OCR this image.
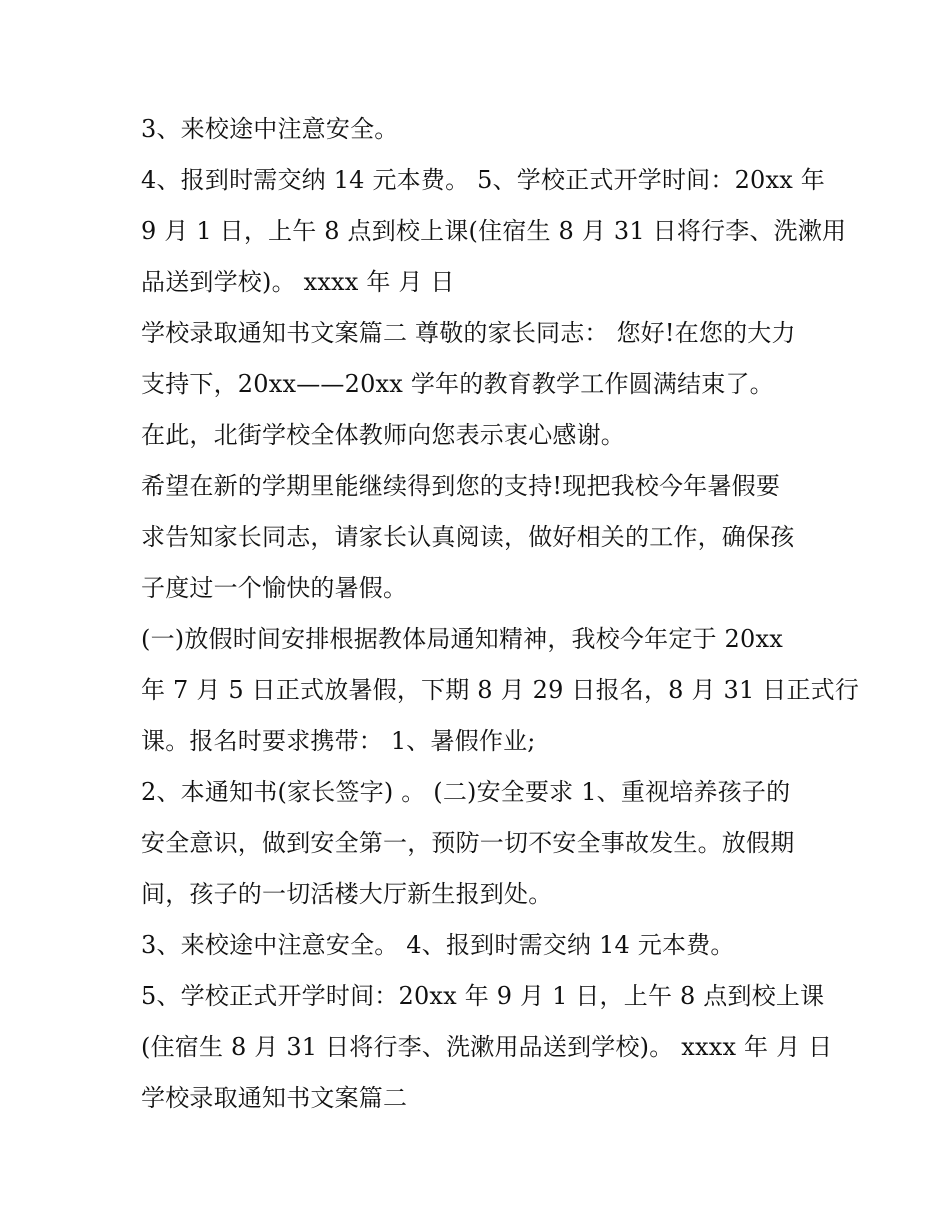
3、来校途中注意安全。
4、报到时需交纳 14 元本费。 5、学校正式开学时间：20xx 年
9 月 1 日，上午 8 点到校上课(住宿生 8 月 31 日将行李、洗漱用
品送到学校)。 xxxx 年 月 日
学校录取通知书文案篇二 尊敬的家长同志： 您好!在您的大力
支持下，20xx——20xx 学年的教育教学工作圆满结束了。
在此，北街学校全体教师向您表示衷心感谢。
希望在新的学期里能继续得到您的支持!现把我校今年暑假要
求告知家长同志，请家长认真阅读，做好相关的工作，确保孩
子度过一个愉快的暑假。
(一)放假时间安排根据教体局通知精神，我校今年定于 20xx
年 7 月 5 日正式放暑假，下期 8 月 29 日报名，8 月 31 日正式行
课。报名时要求携带： 1、暑假作业;
2、本通知书(家长签字) 。 (二)安全要求 1、重视培养孩子的
安全意识，做到安全第一，预防一切不安全事故发生。放假期
间，孩子的一切活楼大厅新生报到处。
3、来校途中注意安全。 4、报到时需交纳 14 元本费。
5、学校正式开学时间：20xx 年 9 月 1 日，上午 8 点到校上课
(住宿生 8 月 31 日将行李、洗漱用品送到学校)。 xxxx 年 月 日
学校录取通知书文案篇二
